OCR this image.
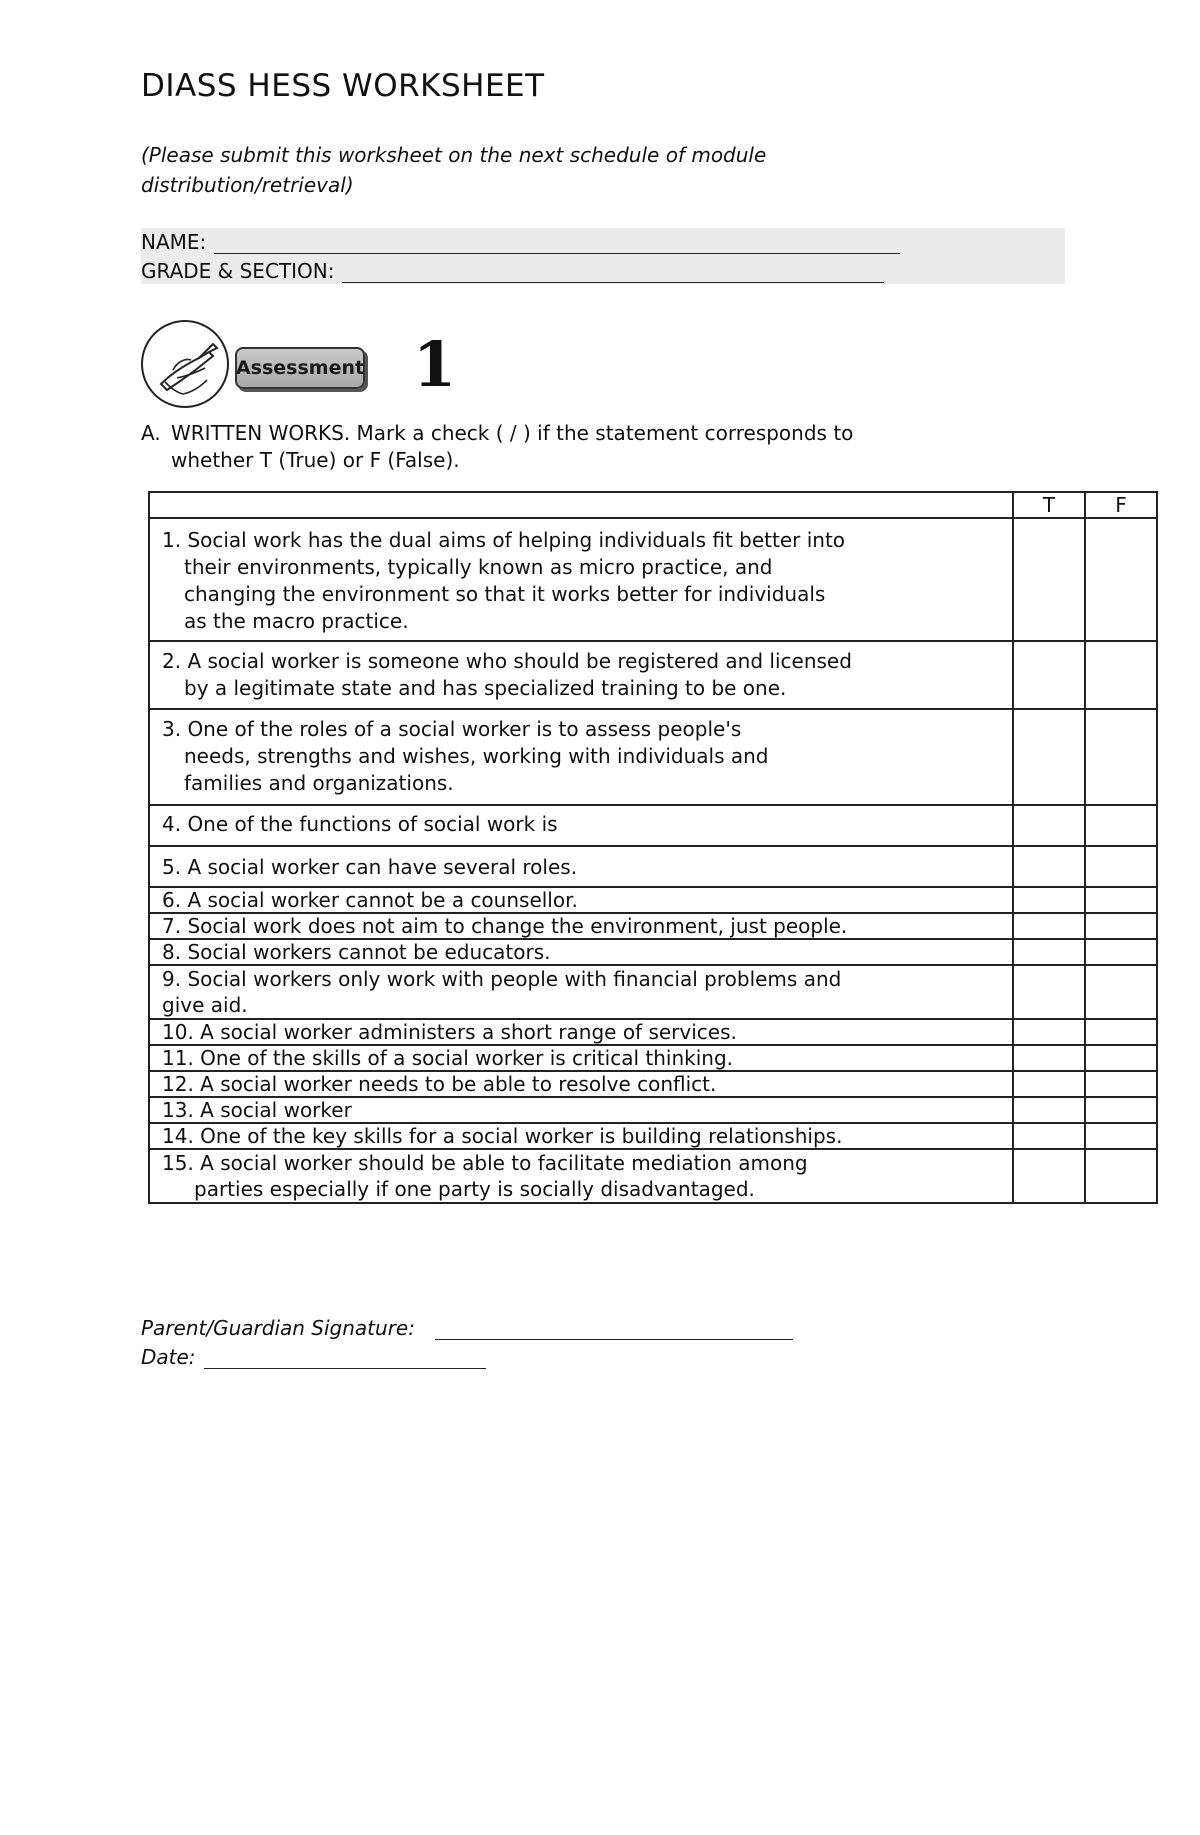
DIASS HESS WORKSHEET
(Please submit this worksheet on the next schedule of module distribution/retrieval)
NAME:
GRADE & SECTION:
Assessment 1
A. WRITTEN WORKS. Mark a check ( / ) if the statement corresponds to
whether T (True) or F (False).
	T	F
1. Social work has the dual aims of helping individuals fit better into
their environments, typically known as micro practice, and
changing the environment so that it works better for individuals
as the macro practice.		

2. A social worker is someone who should be registered and licensed
by a legitimate state and has specialized training to be one.		

3. One of the roles of a social worker is to assess people's
needs, strengths and wishes, working with individuals and
families and organizations.		

4. One of the functions of social work is		
5. A social worker can have several roles.		
6. A social worker cannot be a counsellor.		
7. Social work does not aim to change the environment, just people.		
8. Social workers cannot be educators.		
9. Social workers only work with people with financial problems and
give aid.		
10. A social worker administers a short range of services.		
11. One of the skills of a social worker is critical thinking.		
12. A social worker needs to be able to resolve conflict.		
13. A social worker		
14. One of the key skills for a social worker is building relationships.		
15. A social worker should be able to facilitate mediation among
parties especially if one party is socially disadvantaged.		

Parent/Guardian Signature:
Date:
